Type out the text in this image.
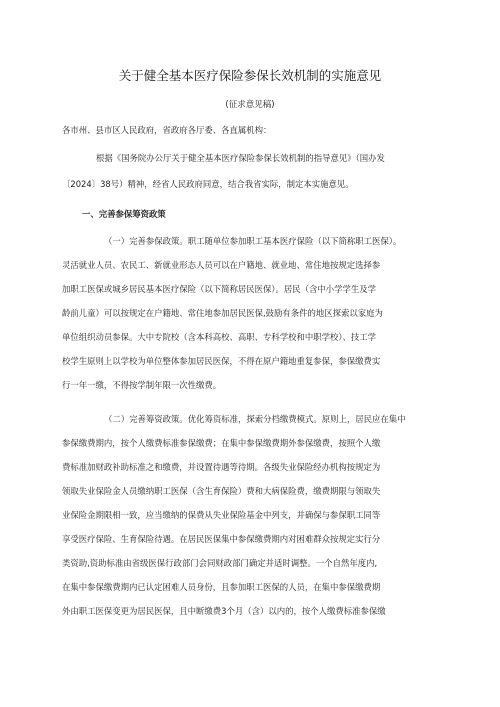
关于健全基本医疗保险参保长效机制的实施意见
(征求意见稿)
各市州、县市区人民政府，省政府各厅委、各直属机构：
根据《国务院办公厅关于健全基本医疗保险参保长效机制的指导意见》（国办发
〔2024〕38号）精神，经省人民政府同意，结合我省实际，制定本实施意见。
一、完善参保筹资政策
（一）完善参保政策。职工随单位参加职工基本医疗保险（以下简称职工医保）。
灵活就业人员、农民工、新就业形态人员可以在户籍地、就业地、常住地按规定选择参
加职工医保或城乡居民基本医疗保险（以下简称居民医保）。居民（含中小学学生及学
龄前儿童）可以按规定在户籍地、常住地参加居民医保,鼓励有条件的地区探索以家庭为
单位组织动员参保。大中专院校（含本科高校、高职、专科学校和中职学校）、技工学
校学生原则上以学校为单位整体参加居民医保，不得在原户籍地重复参保，参保缴费实
行一年一缴，不得按学制年限一次性缴费。
（二）完善筹资政策。优化筹资标准，探索分档缴费模式。原则上，居民应在集中
参保缴费期内，按个人缴费标准参保缴费；在集中参保缴费期外参保缴费，按照个人缴
费标准加财政补助标准之和缴费，并设置待遇等待期。各级失业保险经办机构按规定为
领取失业保险金人员缴纳职工医保（含生育保险）费和大病保险费，缴费期限与领取失
业保险金期限相一致，应当缴纳的保费从失业保险基金中列支，并确保与参保职工同等
享受医疗保险、生育保险待遇。在居民医保集中参保缴费期内对困难群众按规定实行分
类资助,资助标准由省级医保行政部门会同财政部门确定并适时调整。一个自然年度内,
在集中参保缴费期内已认定困难人员身份，且参加职工医保的人员，在集中参保缴费期
外由职工医保变更为居民医保，且中断缴费3个月（含）以内的，按个人缴费标准参保缴
